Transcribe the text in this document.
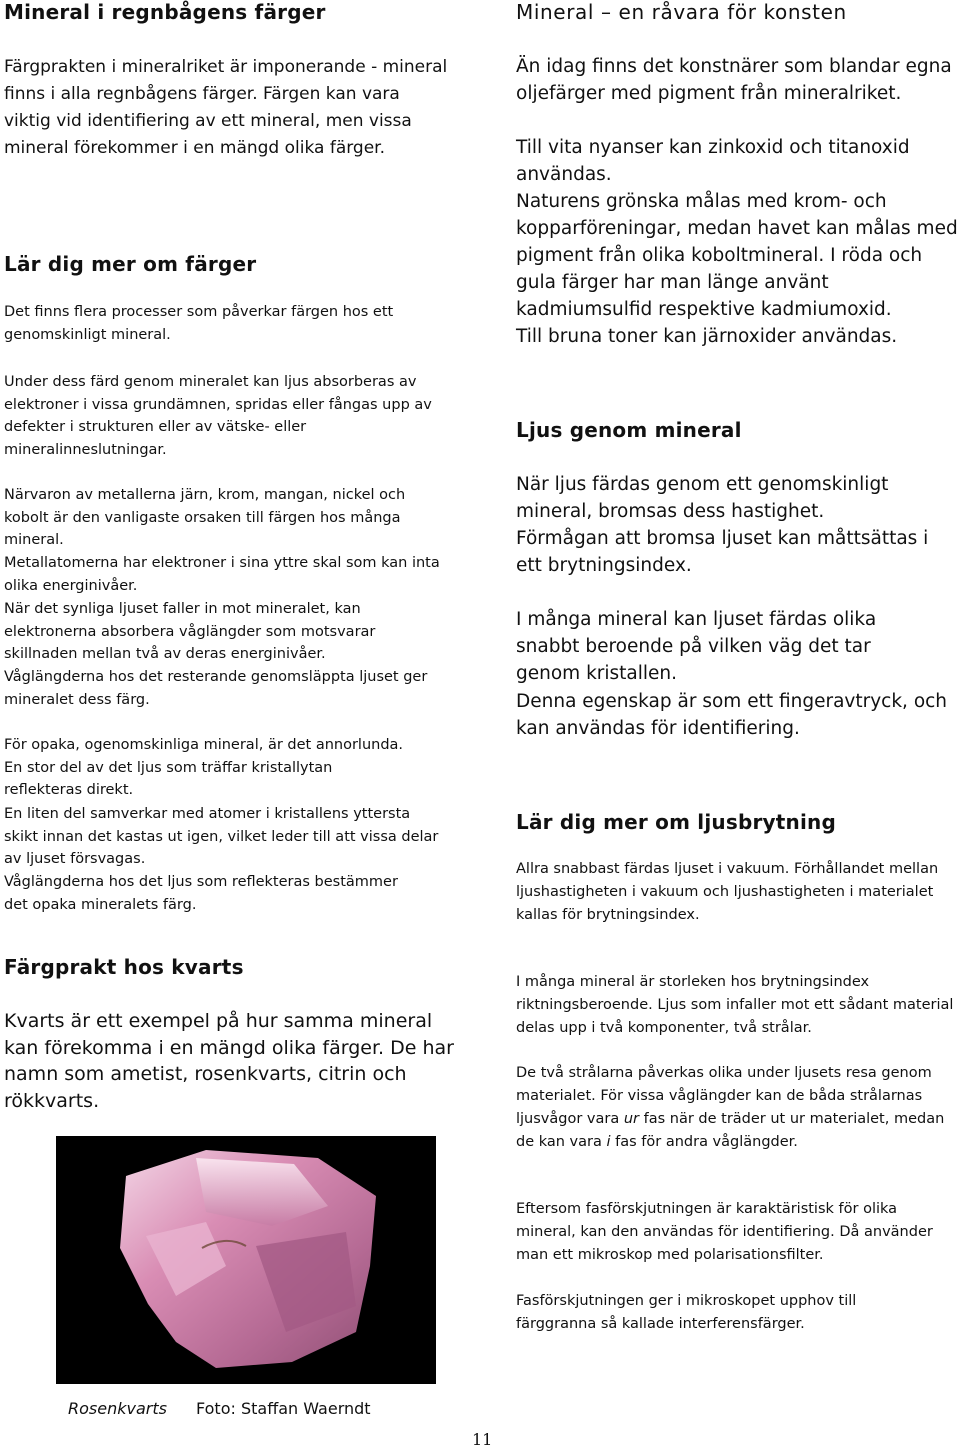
Mineral i regnbågens färger

Färgprakten i mineralriket är imponerande - mineral finns i alla regnbågens färger. Färgen kan vara viktig vid identifiering av ett mineral, men vissa mineral förekommer i en mängd olika färger.

Lär dig mer om färger

Det finns flera processer som påverkar färgen hos ett genomskinligt mineral.

Under dess färd genom mineralet kan ljus absorberas av elektroner i vissa grundämnen, spridas eller fångas upp av defekter i strukturen eller av vätske- eller mineralinneslutningar.

Närvaron av metallerna järn, krom, mangan, nickel och kobolt är den vanligaste orsaken till färgen hos många mineral.

Metallatomerna har elektroner i sina yttre skal som kan inta olika energinivåer.

När det synliga ljuset faller in mot mineralet, kan elektronerna absorbera våglängder som motsvarar skillnaden mellan två av deras energinivåer.

Våglängderna hos det resterande genomsläppta ljuset ger mineralet dess färg.

För opaka, ogenomskinliga mineral, är det annorlunda. En stor del av det ljus som träffar kristallytan reflekteras direkt.

En liten del samverkar med atomer i kristallens yttersta skikt innan det kastas ut igen, vilket leder till att vissa delar av ljuset försvagas.

Våglängderna hos det ljus som reflekteras bestämmer det opaka mineralets färg.

Färgprakt hos kvarts

Kvarts är ett exempel på hur samma mineral kan förekomma i en mängd olika färger. De har namn som ametist, rosenkvarts, citrin och rökkvarts.

Rosenkvarts Foto: Staffan Waerndt
Mineral – en råvara för konsten

Än idag finns det konstnärer som blandar egna oljefärger med pigment från mineralriket.

Till vita nyanser kan zinkoxid och titanoxid användas.

Naturens grönska målas med krom- och kopparföreningar, medan havet kan målas med pigment från olika koboltmineral. I röda och gula färger har man länge använt kadmiumsulfid respektive kadmiumoxid.

Till bruna toner kan järnoxider användas.

Ljus genom mineral

När ljus färdas genom ett genomskinligt mineral, bromsas dess hastighet.

Förmågan att bromsa ljuset kan måttsättas i ett brytningsindex.

I många mineral kan ljuset färdas olika snabbt beroende på vilken väg det tar genom kristallen.

Denna egenskap är som ett fingeravtryck, och kan användas för identifiering.

Lär dig mer om ljusbrytning

Allra snabbast färdas ljuset i vakuum. Förhållandet mellan ljushastigheten i vakuum och ljushastigheten i materialet kallas för brytningsindex.

I många mineral är storleken hos brytningsindex riktningsberoende. Ljus som infaller mot ett sådant material delas upp i två komponenter, två strålar.

De två strålarna påverkas olika under ljusets resa genom materialet. För vissa våglängder kan de båda strålarnas ljusvågor vara ur fas när de träder ut ur materialet, medan de kan vara i fas för andra våglängder.

Eftersom fasförskjutningen är karaktäristisk för olika mineral, kan den användas för identifiering. Då använder man ett mikroskop med polarisationsfilter.

Fasförskjutningen ger i mikroskopet upphov till färggranna så kallade interferensfärger.

11
